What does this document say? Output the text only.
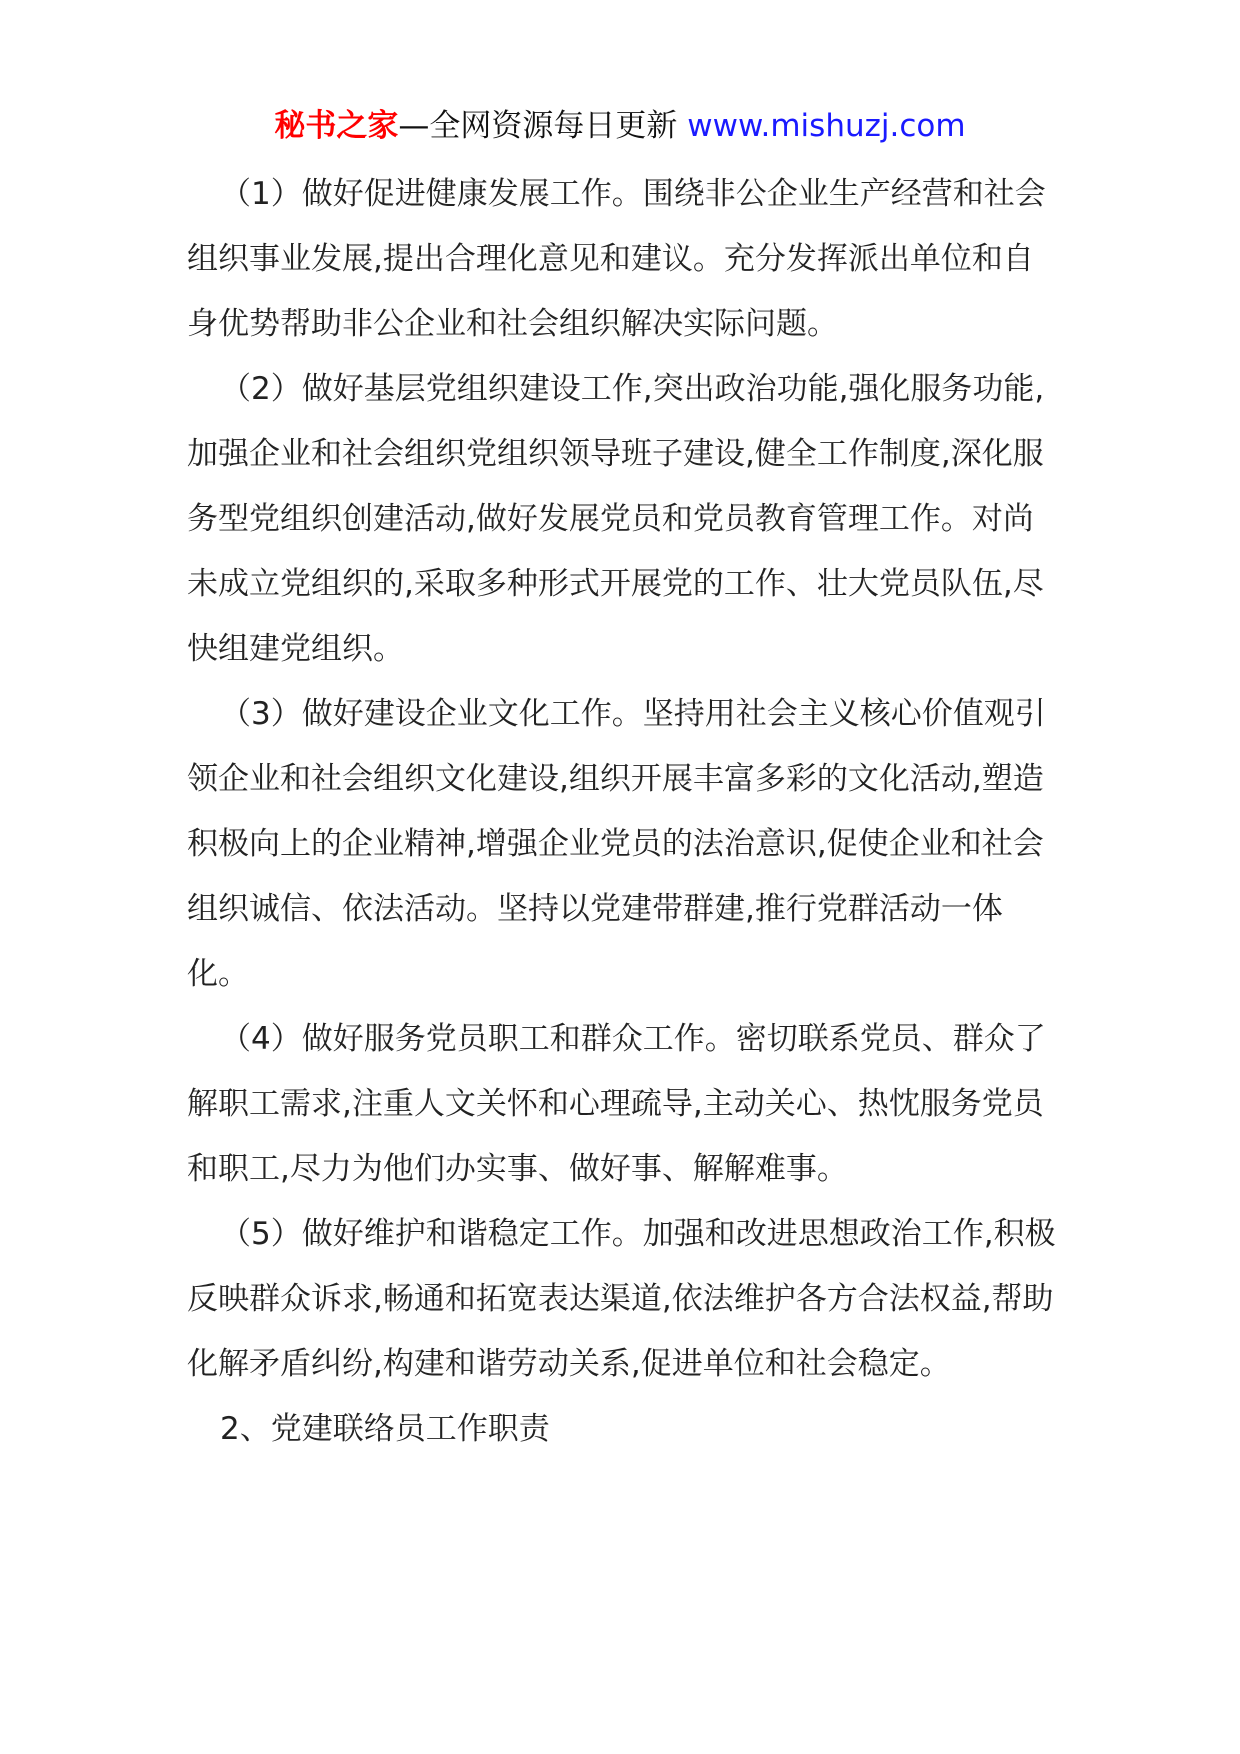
秘书之家—全网资源每日更新 www.mishuzj.com

（1）做好促进健康发展工作。围绕非公企业生产经营和社会组织事业发展,提出合理化意见和建议。充分发挥派出单位和自身优势帮助非公企业和社会组织解决实际问题。

（2）做好基层党组织建设工作,突出政治功能,强化服务功能,加强企业和社会组织党组织领导班子建设,健全工作制度,深化服务型党组织创建活动,做好发展党员和党员教育管理工作。对尚未成立党组织的,采取多种形式开展党的工作、壮大党员队伍,尽快组建党组织。

（3）做好建设企业文化工作。坚持用社会主义核心价值观引领企业和社会组织文化建设,组织开展丰富多彩的文化活动,塑造积极向上的企业精神,增强企业党员的法治意识,促使企业和社会组织诚信、依法活动。坚持以党建带群建,推行党群活动一体化。

（4）做好服务党员职工和群众工作。密切联系党员、群众了解职工需求,注重人文关怀和心理疏导,主动关心、热忱服务党员和职工,尽力为他们办实事、做好事、解解难事。

（5）做好维护和谐稳定工作。加强和改进思想政治工作,积极反映群众诉求,畅通和拓宽表达渠道,依法维护各方合法权益,帮助化解矛盾纠纷,构建和谐劳动关系,促进单位和社会稳定。

2、党建联络员工作职责
